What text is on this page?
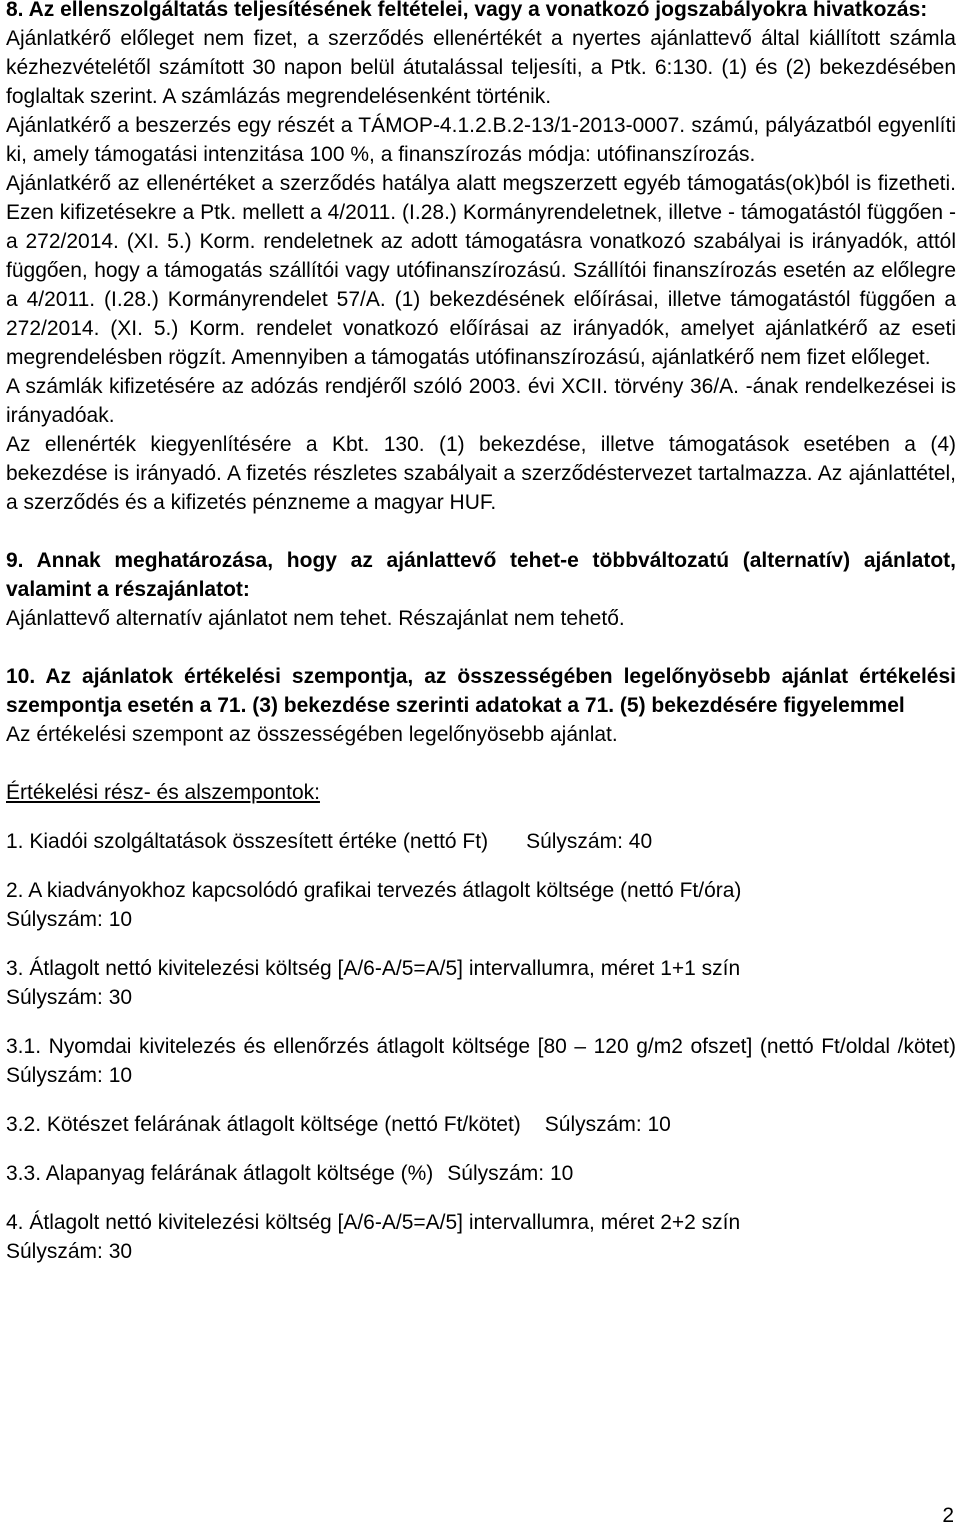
8. Az ellenszolgáltatás teljesítésének feltételei, vagy a vonatkozó jogszabályokra hivatkozás:

Ajánlatkérő előleget nem fizet, a szerződés ellenértékét a nyertes ajánlattevő által kiállított számla kézhezvételétől számított 30 napon belül átutalással teljesíti, a Ptk. 6:130. (1) és (2) bekezdésében foglaltak szerint. A számlázás megrendelésenként történik.

Ajánlatkérő a beszerzés egy részét a TÁMOP-4.1.2.B.2-13/1-2013-0007. számú, pályázatból egyenlíti ki, amely támogatási intenzitása 100 %, a finanszírozás módja: utófinanszírozás.

Ajánlatkérő az ellenértéket a szerződés hatálya alatt megszerzett egyéb támogatás(ok)ból is fizetheti. Ezen kifizetésekre a Ptk. mellett a 4/2011. (I.28.) Kormányrendeletnek, illetve - támogatástól függően - a 272/2014. (XI. 5.) Korm. rendeletnek az adott támogatásra vonatkozó szabályai is irányadók, attól függően, hogy a támogatás szállítói vagy utófinanszírozású. Szállítói finanszírozás esetén az előlegre a 4/2011. (I.28.) Kormányrendelet 57/A. (1) bekezdésének előírásai, illetve támogatástól függően a 272/2014. (XI. 5.) Korm. rendelet vonatkozó előírásai az irányadók, amelyet ajánlatkérő az eseti megrendelésben rögzít. Amennyiben a támogatás utófinanszírozású, ajánlatkérő nem fizet előleget.

A számlák kifizetésére az adózás rendjéről szóló 2003. évi XCII. törvény 36/A. -ának rendelkezései is irányadóak.

Az ellenérték kiegyenlítésére a Kbt. 130. (1) bekezdése, illetve támogatások esetében a (4) bekezdése is irányadó. A fizetés részletes szabályait a szerződéstervezet tartalmazza. Az ajánlattétel, a szerződés és a kifizetés pénzneme a magyar HUF.

9. Annak meghatározása, hogy az ajánlattevő tehet-e többváltozatú (alternatív) ajánlatot, valamint a részajánlatot:

Ajánlattevő alternatív ajánlatot nem tehet. Részajánlat nem tehető.

10. Az ajánlatok értékelési szempontja, az összességében legelőnyösebb ajánlat értékelési szempontja esetén a 71. (3) bekezdése szerinti adatokat a 71. (5) bekezdésére figyelemmel

Az értékelési szempont az összességében legelőnyösebb ajánlat.

Értékelési rész- és alszempontok:

1. Kiadói szolgáltatások összesített értéke (nettó Ft) Súlyszám: 40

2. A kiadványokhoz kapcsolódó grafikai tervezés átlagolt költsége (nettó Ft/óra)
Súlyszám: 10

3. Átlagolt nettó kivitelezési költség [A/6-A/5=A/5] intervallumra, méret 1+1 szín
Súlyszám: 30

3.1. Nyomdai kivitelezés és ellenőrzés átlagolt költsége [80 – 120 g/m2 ofszet] (nettó Ft/oldal /kötet) Súlyszám: 10

3.2. Kötészet felárának átlagolt költsége (nettó Ft/kötet) Súlyszám: 10

3.3. Alapanyag felárának átlagolt költsége (%) Súlyszám: 10

4. Átlagolt nettó kivitelezési költség [A/6-A/5=A/5] intervallumra, méret 2+2 szín
Súlyszám: 30

2
